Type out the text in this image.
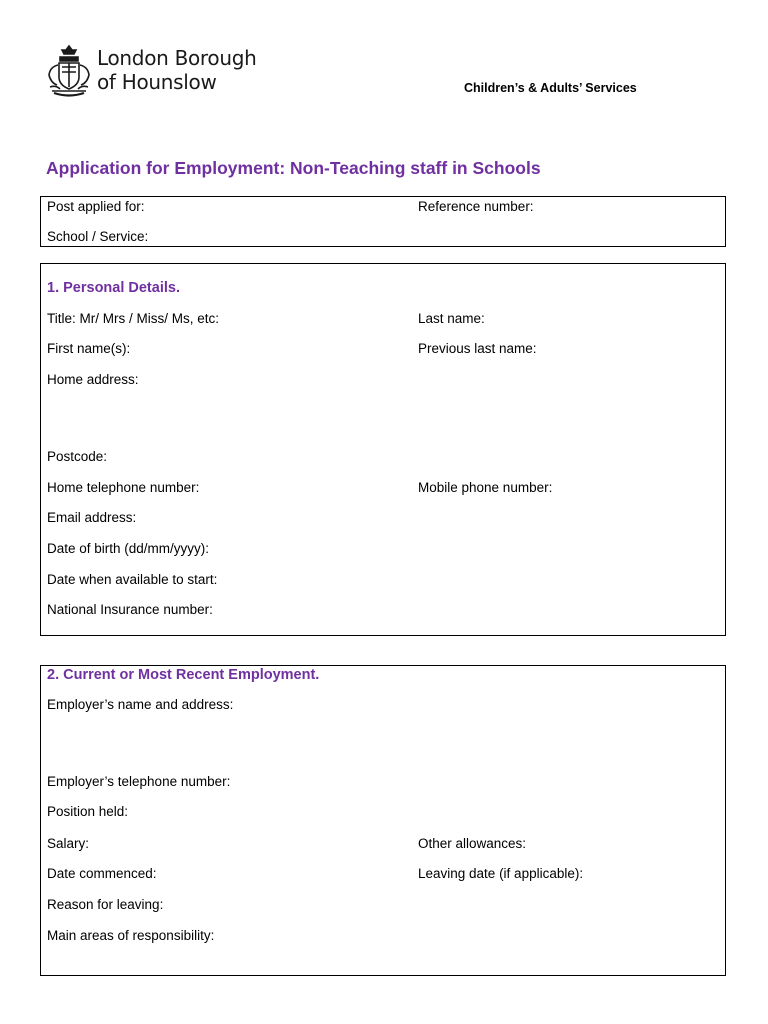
London Borough
of Hounslow	Children’s & Adults’ Services
Application for Employment: Non-Teaching staff in Schools
Post applied for:	Reference number:
School / Service:
1. Personal Details.
Title: Mr/ Mrs / Miss/ Ms, etc:	Last name:
First name(s):	Previous last name:
Home address:
Postcode:
Home telephone number:	Mobile phone number:
Email address:
Date of birth (dd/mm/yyyy):
Date when available to start:
National Insurance number:
2. Current or Most Recent Employment.
Employer’s name and address:
Employer’s telephone number:
Position held:
Salary:	Other allowances:
Date commenced:	Leaving date (if applicable):
Reason for leaving:
Main areas of responsibility:
